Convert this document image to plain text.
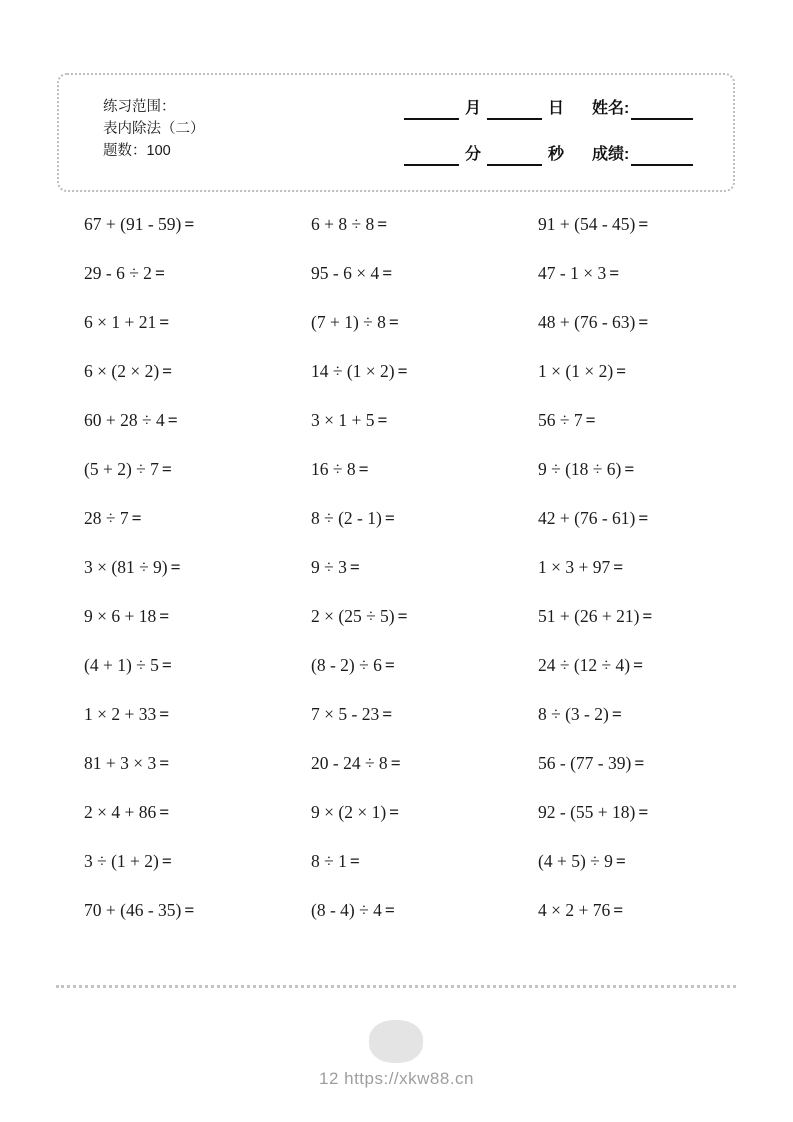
练习范围：
表内除法（二）
题数：100
月	日 姓名:
分	秒 成绩:
67 + (91 - 59) =	6 + 8 ÷ 8 =	91 + (54 - 45) =
29 - 6 ÷ 2 =	95 - 6 × 4 =	47 - 1 × 3 =
6 × 1 + 21 =	(7 + 1) ÷ 8 =	48 + (76 - 63) =
6 × (2 × 2) =	14 ÷ (1 × 2) =	1 × (1 × 2) =
60 + 28 ÷ 4 =	3 × 1 + 5 =	56 ÷ 7 =
(5 + 2) ÷ 7 =	16 ÷ 8 =	9 ÷ (18 ÷ 6) =
28 ÷ 7 =	8 ÷ (2 - 1) =	42 + (76 - 61) =
3 × (81 ÷ 9) =	9 ÷ 3 =	1 × 3 + 97 =
9 × 6 + 18 =	2 × (25 ÷ 5) =	51 + (26 + 21) =
(4 + 1) ÷ 5 =	(8 - 2) ÷ 6 =	24 ÷ (12 ÷ 4) =
1 × 2 + 33 =	7 × 5 - 23 =	8 ÷ (3 - 2) =
81 + 3 × 3 =	20 - 24 ÷ 8 =	56 - (77 - 39) =
2 × 4 + 86 =	9 × (2 × 1) =	92 - (55 + 18) =
3 ÷ (1 + 2) =	8 ÷ 1 =	(4 + 5) ÷ 9 =
70 + (46 - 35) =	(8 - 4) ÷ 4 =	4 × 2 + 76 =
12 https://xkw88.cn
